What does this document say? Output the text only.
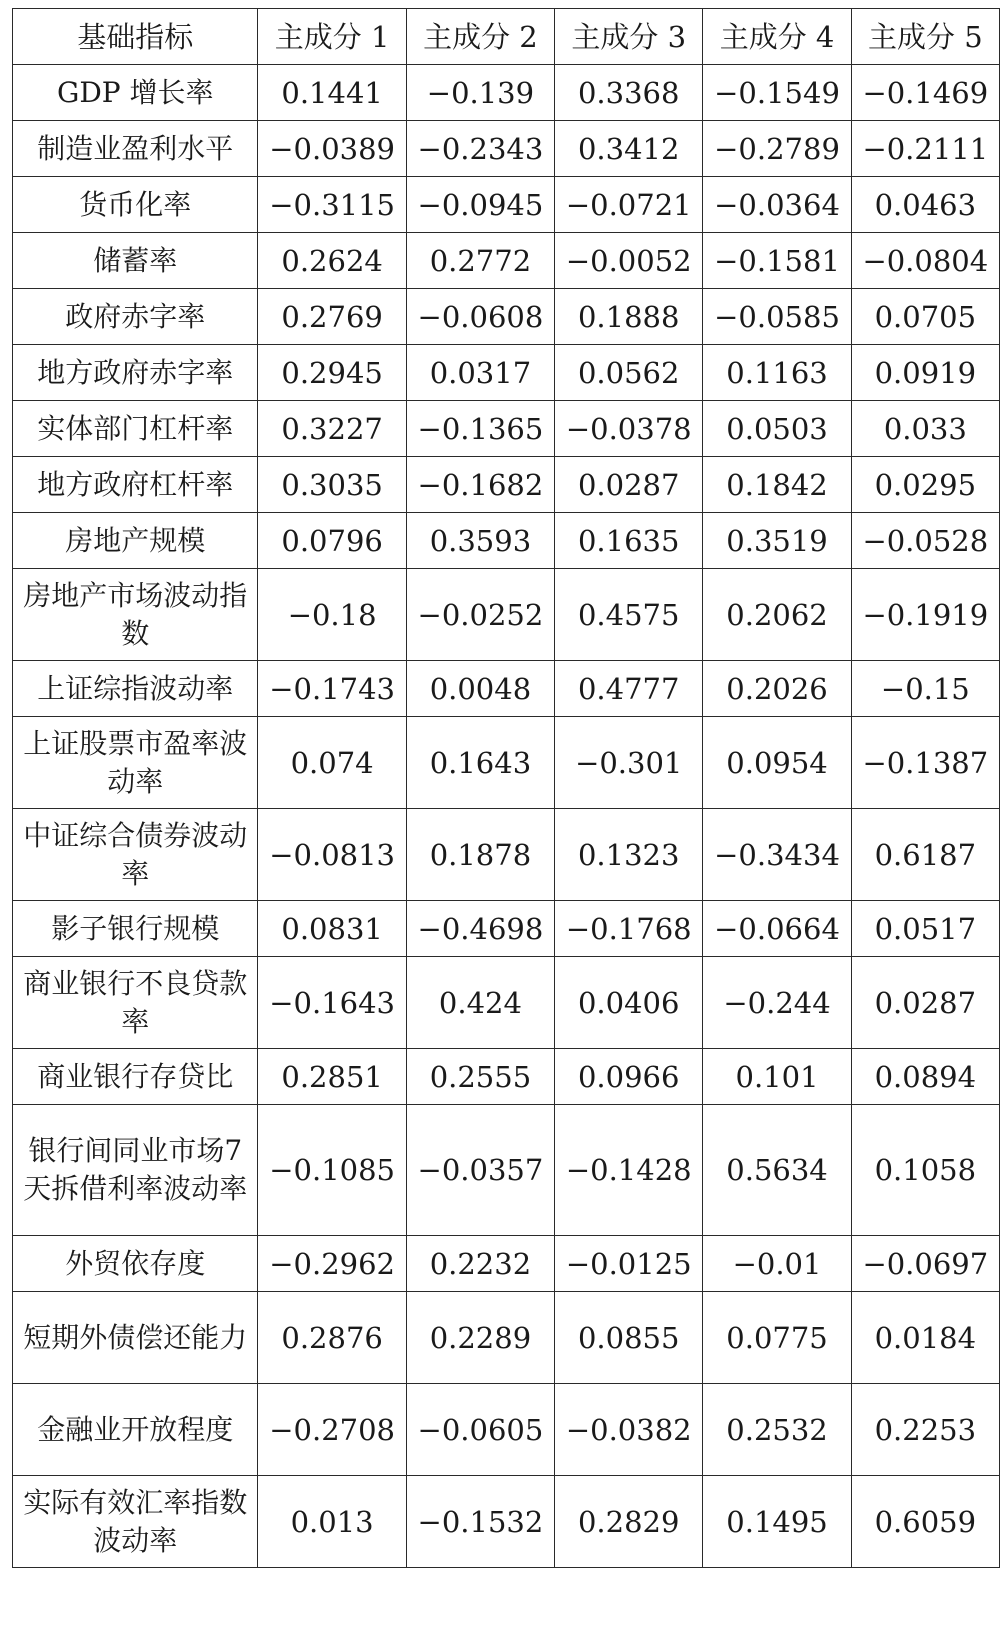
基础指标	主成分 1	主成分 2	主成分 3	主成分 4	主成分 5
GDP 增长率	0.1441	−0.139	0.3368	−0.1549	−0.1469
制造业盈利水平	−0.0389	−0.2343	0.3412	−0.2789	−0.2111
货币化率	−0.3115	−0.0945	−0.0721	−0.0364	0.0463
储蓄率	0.2624	0.2772	−0.0052	−0.1581	−0.0804
政府赤字率	0.2769	−0.0608	0.1888	−0.0585	0.0705
地方政府赤字率	0.2945	0.0317	0.0562	0.1163	0.0919
实体部门杠杆率	0.3227	−0.1365	−0.0378	0.0503	0.033
地方政府杠杆率	0.3035	−0.1682	0.0287	0.1842	0.0295
房地产规模	0.0796	0.3593	0.1635	0.3519	−0.0528
房地产市场波动指数	−0.18	−0.0252	0.4575	0.2062	−0.1919
上证综指波动率	−0.1743	0.0048	0.4777	0.2026	−0.15
上证股票市盈率波动率	0.074	0.1643	−0.301	0.0954	−0.1387
中证综合债券波动率	−0.0813	0.1878	0.1323	−0.3434	0.6187
影子银行规模	0.0831	−0.4698	−0.1768	−0.0664	0.0517
商业银行不良贷款率	−0.1643	0.424	0.0406	−0.244	0.0287
商业银行存贷比	0.2851	0.2555	0.0966	0.101	0.0894
银行间同业市场7 天拆借利率波动率	−0.1085	−0.0357	−0.1428	0.5634	0.1058
外贸依存度	−0.2962	0.2232	−0.0125	−0.01	−0.0697
短期外债偿还能力	0.2876	0.2289	0.0855	0.0775	0.0184
金融业开放程度	−0.2708	−0.0605	−0.0382	0.2532	0.2253
实际有效汇率指数波动率	0.013	−0.1532	0.2829	0.1495	0.6059
